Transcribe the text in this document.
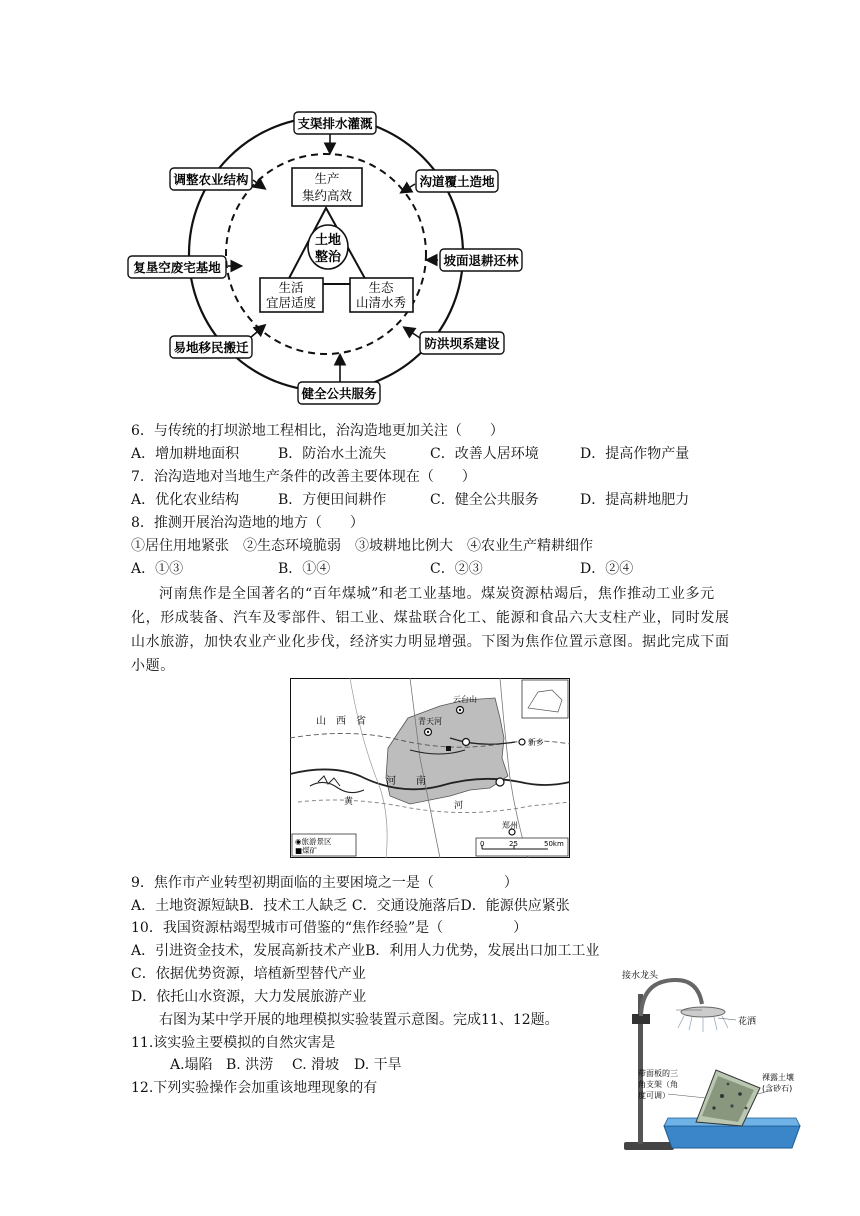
土地
整治
生产
集约高效
生活
宜居适度
生态
山清水秀
支渠排水灌溉
沟道覆土造地
坡面退耕还林
防洪坝系建设
健全公共服务
易地移民搬迁
复垦空废宅基地
调整农业结构
6．与传统的打坝淤地工程相比，治沟造地更加关注（　　）
A．增加耕地面积	B．防治水土流失	C．改善人居环境	D．提高作物产量
7．治沟造地对当地生产条件的改善主要体现在（　　）
A．优化农业结构	B．方便田间耕作	C．健全公共服务	D．提高耕地肥力
8．推测开展治沟造地的地方（　　）
①居住用地紧张　②生态环境脆弱　③坡耕地比例大　④农业生产精耕细作
A．①③	B．①④	C．②③	D．②④
河南焦作是全国著名的“百年煤城”和老工业基地。煤炭资源枯竭后，焦作推动工业多元化，形成装备、汽车及零部件、铝工业、煤盐联合化工、能源和食品六大支柱产业，同时发展山水旅游，加快农业产业化步伐，经济实力明显增强。下图为焦作位置示意图。据此完成下面小题。
山　西　省
河 南
黄	河
云台山
青天河
新乡
郑州
◉旅游景区
■煤矿
0	25	50km
9．焦作市产业转型初期面临的主要困境之一是（　　　　　）
A．土地资源短缺B．技术工人缺乏 C．交通设施落后D．能源供应紧张
10．我国资源枯竭型城市可借鉴的“焦作经验”是（　　　　　）
A．引进资金技术，发展高新技术产业B．利用人力优势，发展出口加工工业
C．依据优势资源，培植新型替代产业
D．依托山水资源，大力发展旅游产业
右图为某中学开展的地理模拟实验装置示意图。完成11、12题。
11.该实验主要模拟的自然灾害是
A.塌陷 B. 洪涝 C. 滑坡 D. 干旱
12.下列实验操作会加重该地理现象的有
接水龙头
花洒
带面板的三
角支架（角
度可调）
裸露土壤
(含砂石)
